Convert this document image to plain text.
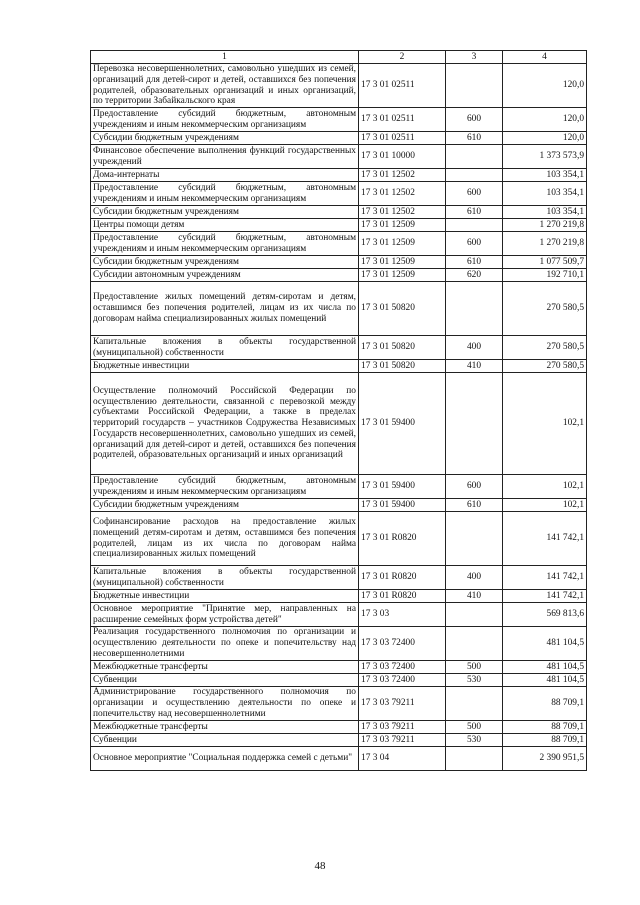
1	2	3	4
Перевозка несовершеннолетних, самовольно ушедших из семей, организаций для детей-сирот и детей, оставшихся без попечения родителей, образовательных организаций и иных организаций, по территории Забайкальского края	17 3 01 02511		120,0
Предоставление субсидий бюджетным, автономным учреждениям и иным некоммерческим организациям	17 3 01 02511	600	120,0
Субсидии бюджетным учреждениям	17 3 01 02511	610	120,0
Финансовое обеспечение выполнения функций государственных учреждений	17 3 01 10000		1 373 573,9
Дома-интернаты	17 3 01 12502		103 354,1
Предоставление субсидий бюджетным, автономным учреждениям и иным некоммерческим организациям	17 3 01 12502	600	103 354,1
Субсидии бюджетным учреждениям	17 3 01 12502	610	103 354,1
Центры помощи детям	17 3 01 12509		1 270 219,8
Предоставление субсидий бюджетным, автономным учреждениям и иным некоммерческим организациям	17 3 01 12509	600	1 270 219,8
Субсидии бюджетным учреждениям	17 3 01 12509	610	1 077 509,7
Субсидии автономным учреждениям	17 3 01 12509	620	192 710,1
Предоставление жилых помещений детям-сиротам и детям, оставшимся без попечения родителей, лицам из их числа по договорам найма специализированных жилых помещений	17 3 01 50820		270 580,5
Капитальные вложения в объекты государственной (муниципальной) собственности	17 3 01 50820	400	270 580,5
Бюджетные инвестиции	17 3 01 50820	410	270 580,5
Осуществление полномочий Российской Федерации по осуществлению деятельности, связанной с перевозкой между субъектами Российской Федерации, а также в пределах территорий государств – участников Содружества Независимых Государств несовершеннолетних, самовольно ушедших из семей, организаций для детей-сирот и детей, оставшихся без попечения родителей, образовательных организаций и иных организаций	17 3 01 59400		102,1
Предоставление субсидий бюджетным, автономным учреждениям и иным некоммерческим организациям	17 3 01 59400	600	102,1
Субсидии бюджетным учреждениям	17 3 01 59400	610	102,1
Софинансирование расходов на предоставление жилых помещений детям-сиротам и детям, оставшимся без попечения родителей, лицам из их числа по договорам найма специализированных жилых помещений	17 3 01 R0820		141 742,1
Капитальные вложения в объекты государственной (муниципальной) собственности	17 3 01 R0820	400	141 742,1
Бюджетные инвестиции	17 3 01 R0820	410	141 742,1
Основное мероприятие "Принятие мер, направленных на расширение семейных форм устройства детей"	17 3 03		569 813,6
Реализация государственного полномочия по организации и осуществлению деятельности по опеке и попечительству над несовершеннолетними	17 3 03 72400		481 104,5
Межбюджетные трансферты	17 3 03 72400	500	481 104,5
Субвенции	17 3 03 72400	530	481 104,5
Администрирование государственного полномочия по организации и осуществлению деятельности по опеке и попечительству над несовершеннолетними	17 3 03 79211		88 709,1
Межбюджетные трансферты	17 3 03 79211	500	88 709,1
Субвенции	17 3 03 79211	530	88 709,1
Основное мероприятие "Социальная поддержка семей с детьми"	17 3 04		2 390 951,5
48
